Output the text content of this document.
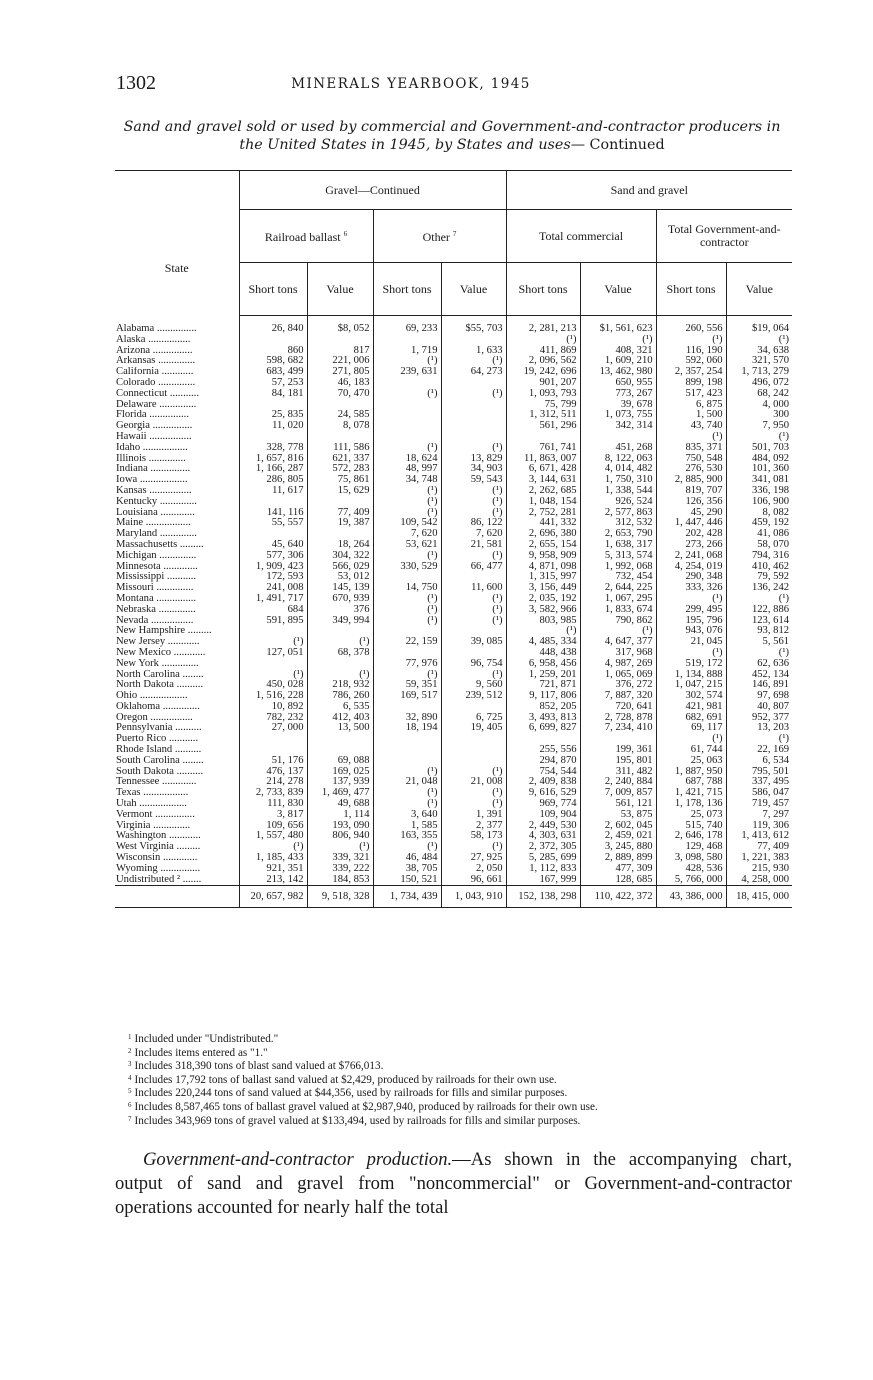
1302	MINERALS YEARBOOK, 1945
Sand and gravel sold or used by commercial and Government-and-contractor producers in the United States in 1945, by States and uses— Continued
State	Gravel—Continued				Sand and gravel			
	Railroad ballast $^6$		Other $^7$		Total commercial		Total Government-and-contractor	
	Short tons	Value	Short tons	Value	Short tons	Value	Short tons	Value
Alabama ...............	26, 840	$8, 052	69, 233	$55, 703	2, 281, 213	$1, 561, 623	260, 556	$19, 064
Alaska ................					(¹)	(¹)	(¹)	(¹)
Arizona ...............	860	817	1, 719	1, 633	411, 869	408, 321	116, 190	34, 638
Arkansas ..............	598, 682	221, 006	(¹)	(¹)	2, 096, 562	1, 609, 210	592, 060	321, 570
California ............	683, 499	271, 805	239, 631	64, 273	19, 242, 696	13, 462, 980	2, 357, 254	1, 713, 279
Colorado ..............	57, 253	46, 183			901, 207	650, 955	899, 198	496, 072
Connecticut ...........	84, 181	70, 470	(¹)	(¹)	1, 093, 793	773, 267	517, 423	68, 242
Delaware ..............					75, 799	39, 678	6, 875	4, 000
Florida ...............	25, 835	24, 585			1, 312, 511	1, 073, 755	1, 500	300
Georgia ...............	11, 020	8, 078			561, 296	342, 314	43, 740	7, 950
Hawaii ................							(¹)	(¹)
Idaho .................	328, 778	111, 586	(¹)	(¹)	761, 741	451, 268	835, 371	501, 703
Illinois ..............	1, 657, 816	621, 337	18, 624	13, 829	11, 863, 007	8, 122, 063	750, 548	484, 092
Indiana ...............	1, 166, 287	572, 283	48, 997	34, 903	6, 671, 428	4, 014, 482	276, 530	101, 360
Iowa ..................	286, 805	75, 861	34, 748	59, 543	3, 144, 631	1, 750, 310	2, 885, 900	341, 081
Kansas ................	11, 617	15, 629	(¹)	(¹)	2, 262, 685	1, 338, 544	819, 707	336, 198
Kentucky ..............			(¹)	(¹)	1, 048, 154	926, 524	126, 356	106, 900
Louisiana .............	141, 116	77, 409	(¹)	(¹)	2, 752, 281	2, 577, 863	45, 290	8, 082
Maine .................	55, 557	19, 387	109, 542	86, 122	441, 332	312, 532	1, 447, 446	459, 192
Maryland ..............			7, 620	7, 620	2, 696, 380	2, 653, 790	202, 428	41, 086
Massachusetts .........	45, 640	18, 264	53, 621	21, 581	2, 655, 154	1, 638, 317	273, 266	58, 070
Michigan ..............	577, 306	304, 322	(¹)	(¹)	9, 958, 909	5, 313, 574	2, 241, 068	794, 316
Minnesota .............	1, 909, 423	566, 029	330, 529	66, 477	4, 871, 098	1, 992, 068	4, 254, 019	410, 462
Mississippi ...........	172, 593	53, 012			1, 315, 997	732, 454	290, 348	79, 592
Missouri ..............	241, 008	145, 139	14, 750	11, 600	3, 156, 449	2, 644, 225	333, 326	136, 242
Montana ...............	1, 491, 717	670, 939	(¹)	(¹)	2, 035, 192	1, 067, 295	(¹)	(¹)
Nebraska ..............	684	376	(¹)	(¹)	3, 582, 966	1, 833, 674	299, 495	122, 886
Nevada ................	591, 895	349, 994	(¹)	(¹)	803, 985	790, 862	195, 796	123, 614
New Hampshire .........					(¹)	(¹)	943, 076	93, 812
New Jersey ............	(¹)	(¹)	22, 159	39, 085	4, 485, 334	4, 647, 377	21, 045	5, 561
New Mexico ............	127, 051	68, 378			448, 438	317, 968	(¹)	(¹)
New York ..............			77, 976	96, 754	6, 958, 456	4, 987, 269	519, 172	62, 636
North Carolina ........	(¹)	(¹)	(¹)	(¹)	1, 259, 201	1, 065, 069	1, 134, 888	452, 134
North Dakota ..........	450, 028	218, 932	59, 351	9, 560	721, 871	376, 272	1, 047, 215	146, 891
Ohio ..................	1, 516, 228	786, 260	169, 517	239, 512	9, 117, 806	7, 887, 320	302, 574	97, 698
Oklahoma ..............	10, 892	6, 535			852, 205	720, 641	421, 981	40, 807
Oregon ................	782, 232	412, 403	32, 890	6, 725	3, 493, 813	2, 728, 878	682, 691	952, 377
Pennsylvania ..........	27, 000	13, 500	18, 194	19, 405	6, 699, 827	7, 234, 410	69, 117	13, 203
Puerto Rico ...........							(¹)	(¹)
Rhode Island ..........					255, 556	199, 361	61, 744	22, 169
South Carolina ........	51, 176	69, 088			294, 870	195, 801	25, 063	6, 534
South Dakota ..........	476, 137	169, 025	(¹)	(¹)	754, 544	311, 482	1, 887, 950	795, 501
Tennessee .............	214, 278	137, 939	21, 048	21, 008	2, 409, 838	2, 240, 884	687, 788	337, 495
Texas .................	2, 733, 839	1, 469, 477	(¹)	(¹)	9, 616, 529	7, 009, 857	1, 421, 715	586, 047
Utah ..................	111, 830	49, 688	(¹)	(¹)	969, 774	561, 121	1, 178, 136	719, 457
Vermont ...............	3, 817	1, 114	3, 640	1, 391	109, 904	53, 875	25, 073	7, 297
Virginia ..............	109, 656	193, 090	1, 585	2, 377	2, 449, 530	2, 602, 045	515, 740	119, 306
Washington ............	1, 557, 480	806, 940	163, 355	58, 173	4, 303, 631	2, 459, 021	2, 646, 178	1, 413, 612
West Virginia .........	(¹)	(¹)	(¹)	(¹)	2, 372, 305	3, 245, 880	129, 468	77, 409
Wisconsin .............	1, 185, 433	339, 321	46, 484	27, 925	5, 285, 699	2, 889, 899	3, 098, 580	1, 221, 383
Wyoming ...............	921, 351	339, 222	38, 705	2, 050	1, 112, 833	477, 309	428, 536	215, 930
Undistributed ² .......	213, 142	184, 853	150, 521	96, 661	167, 999	128, 685	5, 766, 000	4, 258, 000
	20, 657, 982	9, 518, 328	1, 734, 439	1, 043, 910	152, 138, 298	110, 422, 372	43, 386, 000	18, 415, 000
$^1$ Included under "Undistributed."
$^2$ Includes items entered as "1."
$^3$ Includes 318,390 tons of blast sand valued at $766,013.
$^4$ Includes 17,792 tons of ballast sand valued at $2,429, produced by railroads for their own use.
$^5$ Includes 220,244 tons of sand valued at $44,356, used by railroads for fills and similar purposes.
$^6$ Includes 8,587,465 tons of ballast gravel valued at $2,987,940, produced by railroads for their own use.
$^7$ Includes 343,969 tons of gravel valued at $133,494, used by railroads for fills and similar purposes.
Government-and-contractor production.—As shown in the accompanying chart, output of sand and gravel from "noncommercial" or Government-and-contractor operations accounted for nearly half the total
